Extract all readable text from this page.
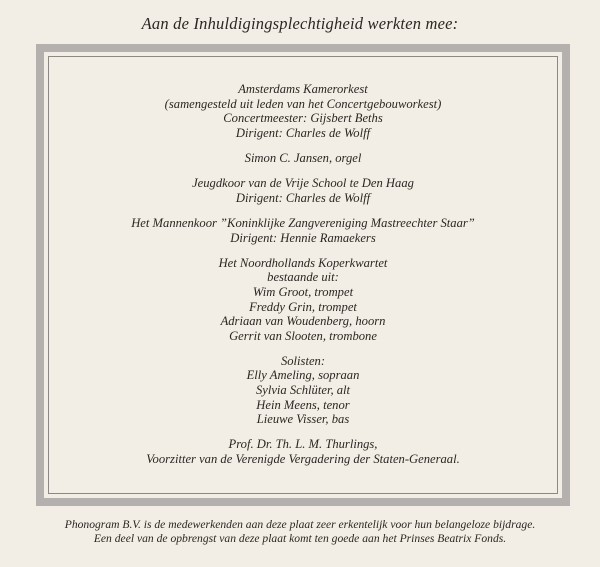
Aan de Inhuldigingsplechtigheid werkten mee:
Amsterdams Kamerorkest
(samengesteld uit leden van het Concertgebouworkest)
Concertmeester: Gijsbert Beths
Dirigent: Charles de Wolff
Simon C. Jansen, orgel
Jeugdkoor van de Vrije School te Den Haag
Dirigent: Charles de Wolff
Het Mannenkoor ”Koninklijke Zangvereniging Mastreechter Staar”
Dirigent: Hennie Ramaekers
Het Noordhollands Koperkwartet
bestaande uit:
Wim Groot, trompet
Freddy Grin, trompet
Adriaan van Woudenberg, hoorn
Gerrit van Slooten, trombone
Solisten:
Elly Ameling, sopraan
Sylvia Schlüter, alt
Hein Meens, tenor
Lieuwe Visser, bas
Prof. Dr. Th. L. M. Thurlings,
Voorzitter van de Verenigde Vergadering der Staten-Generaal.
Phonogram B.V. is de medewerkenden aan deze plaat zeer erkentelijk voor hun belangeloze bijdrage.
Een deel van de opbrengst van deze plaat komt ten goede aan het Prinses Beatrix Fonds.
